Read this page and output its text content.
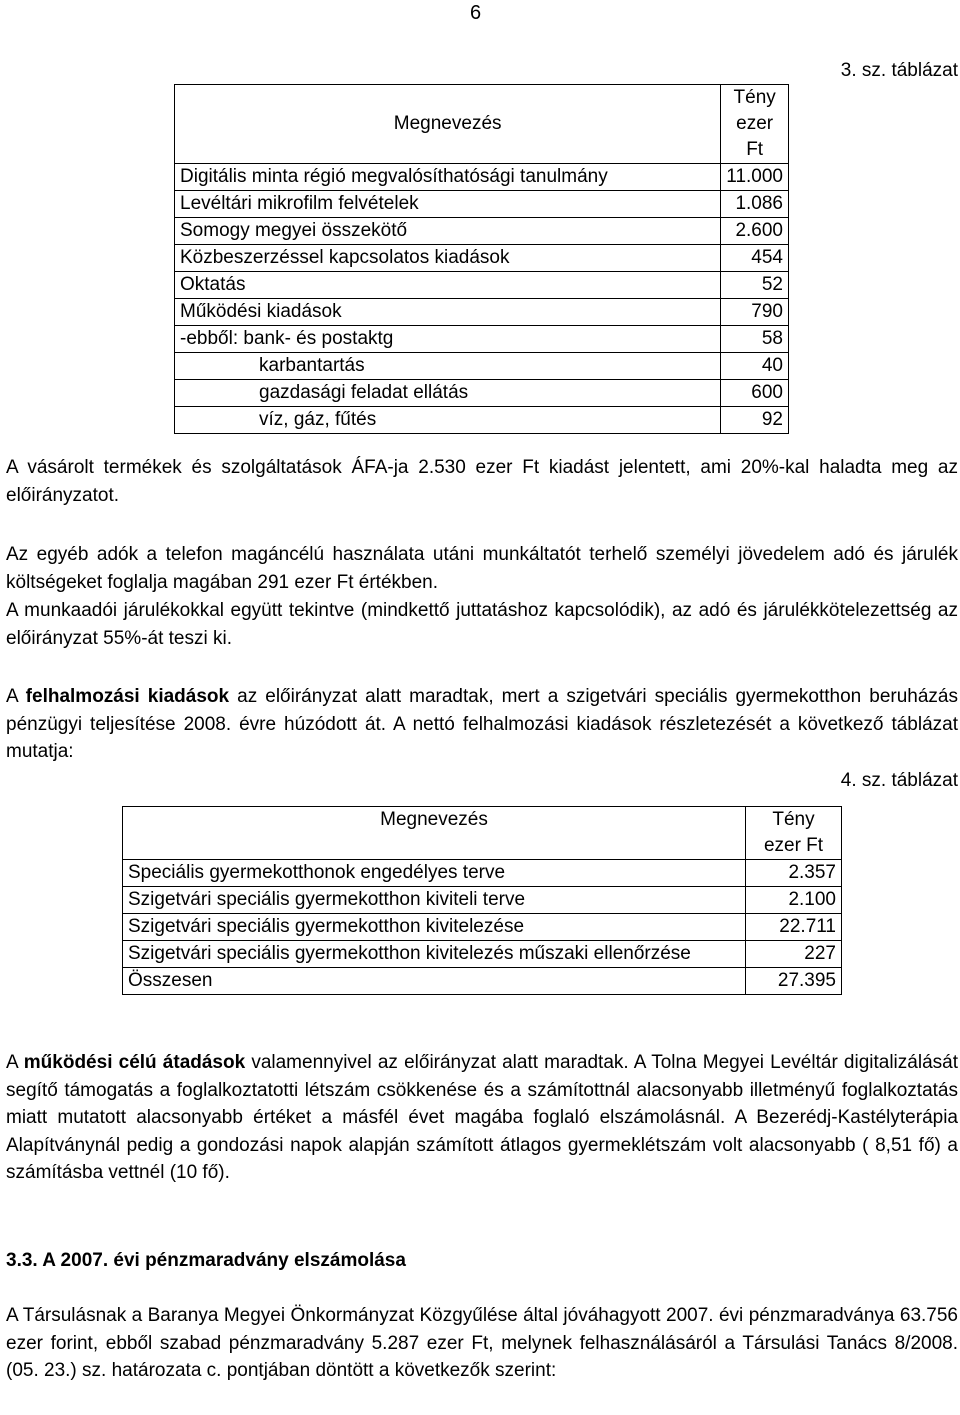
6
3. sz. táblázat
Megnevezés	Tény
ezer Ft
Digitális minta régió megvalósíthatósági tanulmány	11.000
Levéltári mikrofilm felvételek	1.086
Somogy megyei összekötő	2.600
Közbeszerzéssel kapcsolatos kiadások	454
Oktatás	52
Működési kiadások	790
-ebből: bank- és postaktg	58
karbantartás	40
gazdasági feladat ellátás	600
víz, gáz, fűtés	92
A vásárolt termékek és szolgáltatások ÁFA-ja 2.530 ezer Ft kiadást jelentett, ami 20%-kal haladta meg az előirányzatot.
Az egyéb adók a telefon magáncélú használata utáni munkáltatót terhelő személyi jövedelem adó és járulék költségeket foglalja magában 291 ezer Ft értékben.
A munkaadói járulékokkal együtt tekintve (mindkettő juttatáshoz kapcsolódik), az adó és járulékkötelezettség az előirányzat 55%-át teszi ki.
A felhalmozási kiadások az előirányzat alatt maradtak, mert a szigetvári speciális gyermekotthon beruházás pénzügyi teljesítése 2008. évre húzódott át. A nettó felhalmozási kiadások részletezését a következő táblázat mutatja:
4. sz. táblázat
Megnevezés	Tény
ezer Ft
Speciális gyermekotthonok engedélyes terve	2.357
Szigetvári speciális gyermekotthon kiviteli terve	2.100
Szigetvári speciális gyermekotthon kivitelezése	22.711
Szigetvári speciális gyermekotthon kivitelezés műszaki ellenőrzése	227
Összesen	27.395
A működési célú átadások valamennyivel az előirányzat alatt maradtak. A Tolna Megyei Levéltár digitalizálását segítő támogatás a foglalkoztatotti létszám csökkenése és a számítottnál alacsonyabb illetményű foglalkoztatás miatt mutatott alacsonyabb értéket a másfél évet magába foglaló elszámolásnál. A Bezerédj-Kastélyterápia Alapítványnál pedig a gondozási napok alapján számított átlagos gyermeklétszám volt alacsonyabb ( 8,51 fő) a számításba vettnél (10 fő).
3.3. A 2007. évi pénzmaradvány elszámolása
A Társulásnak a Baranya Megyei Önkormányzat Közgyűlése által jóváhagyott 2007. évi pénzmaradványa 63.756 ezer forint, ebből szabad pénzmaradvány 5.287 ezer Ft, melynek felhasználásáról a Társulási Tanács 8/2008. (05. 23.) sz. határozata c. pontjában döntött a következők szerint:
